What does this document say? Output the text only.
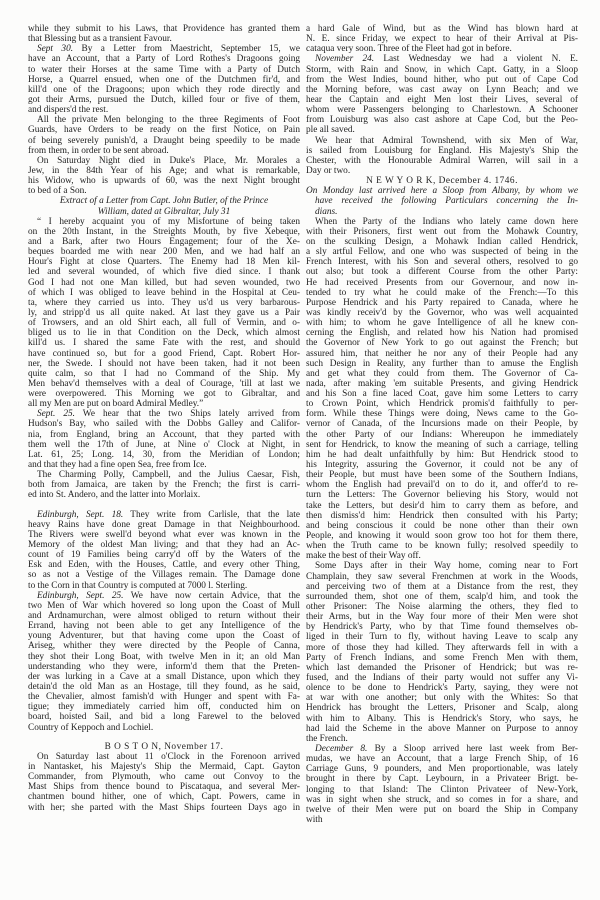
while they submit to his Laws, that Providence has granted them
that Blessing but as a transient Favour.
Sept 30. By a Letter from Maestricht, September 15, we
have an Account, that a Party of Lord Rothes's Dragoons going
to water their Horses at the same Time with a Party of Dutch
Horse, a Quarrel ensued, when one of the Dutchmen fir'd, and
kill'd one of the Dragoons; upon which they rode directly and
got their Arms, pursued the Dutch, killed four or five of them,
and dispers'd the rest.
All the private Men belonging to the three Regiments of Foot
Guards, have Orders to be ready on the first Notice, on Pain
of being severely punish'd, a Draught being speedily to be made
from them, in order to be sent abroad.
On Saturday Night died in Duke's Place, Mr. Morales a
Jew, in the 84th Year of his Age; and what is remarkable,
his Widow, who is upwards of 60, was the next Night brought
to bed of a Son.
Extract of a Letter from Capt. John Butler, of the Prince
William, dated at Gibraltar, July 31
“ I hereby acquaint you of my Misfortune of being taken
on the 20th Instant, in the Streights Mouth, by five Xebeque,
and a Bark, after two Hours Engagement; four of the Xe-
beques boarded me with near 200 Men, and we had half an
Hour's Fight at close Quarters. The Enemy had 18 Men kil-
led and several wounded, of which five died since. I thank
God I had not one Man killed, but had seven wounded, two
of which I was obliged to leave behind in the Hospital at Ceu-
ta, where they carried us into. They us'd us very barbarous-
ly, and stripp'd us all quite naked. At last they gave us a Pair
of Trowsers, and an old Shirt each, all full of Vermin, and o-
bliged us to lie in that Condition on the Deck, which almost
kill'd us. I shared the same Fate with the rest, and should
have continued so, but for a good Friend, Capt. Robert Hor-
ner, the Swede. I should not have been taken, had it not been
quite calm, so that I had no Command of the Ship. My
Men behav'd themselves with a deal of Courage, 'till at last we
were overpowered. This Morning we got to Gibraltar, and
all my Men are put on board Admiral Medley.”
Sept. 25. We hear that the two Ships lately arrived from
Hudson's Bay, who sailed with the Dobbs Galley and Califor-
nia, from England, bring an Account, that they parted with
them well the 17th of June, at Nine o' Clock at Night, in
Lat. 61, 25; Long. 14, 30, from the Meridian of London;
and that they had a fine open Sea, free from Ice.
The Charming Polly, Campbell, and the Julius Caesar, Fish,
both from Jamaica, are taken by the French; the first is carri-
ed into St. Andero, and the latter into Morlaix.
Edinburgh, Sept. 18. They write from Carlisle, that the late
heavy Rains have done great Damage in that Neighbourhood.
The Rivers were swell'd beyond what ever was known in the
Memory of the oldest Man living; and that they had an Ac-
count of 19 Families being carry'd off by the Waters of the
Esk and Eden, with the Houses, Cattle, and every other Thing,
so as not a Vestige of the Villages remain. The Damage done
to the Corn in that Country is computed at 7000 l. Sterling.
Edinburgh, Sept. 25. We have now certain Advice, that the
two Men of War which hovered so long upon the Coast of Mull
and Ardnamurchan, were almost obliged to return without their
Errand, having not been able to get any Intelligence of the
young Adventurer, but that having come upon the Coast of
Ariseg, whither they were directed by the People of Canna,
they shot their Long Boat, with twelve Men in it; an old Man
understanding who they were, inform'd them that the Preten-
der was lurking in a Cave at a small Distance, upon which they
detain'd the old Man as an Hostage, till they found, as he said,
the Chevalier, almost famish'd with Hunger and spent with Fa-
tigue; they immediately carried him off, conducted him on
board, hoisted Sail, and bid a long Farewel to the beloved
Country of Keppoch and Lochiel.
B O S T O N, November 17.
On Saturday last about 11 o'Clock in the Forenoon arrived
in Nantasket, his Majesty's Ship the Mermaid, Capt. Gayton
Commander, from Plymouth, who came out Convoy to the
Mast Ships from thence bound to Piscataqua, and several Mer-
chantmen bound hither, one of which, Capt. Powers, came in
with her; she parted with the Mast Ships fourteen Days ago in
a hard Gale of Wind, but as the Wind has blown hard at
N. E. since Friday, we expect to hear of their Arrival at Pis-
cataqua very soon. Three of the Fleet had got in before.
November 24. Last Wednesday we had a violent N. E.
Storm, with Rain and Snow, in which Capt. Gatty, in a Sloop
from the West Indies, bound hither, who put out of Cape Cod
the Morning before, was cast away on Lynn Beach; and we
hear the Captain and eight Men lost their Lives, several of
whom were Passengers belonging to Charlestown. A Schooner
from Louisburg was also cast ashore at Cape Cod, but the Peo-
ple all saved.
We hear that Admiral Townshend, with six Men of War,
is sailed from Louisburg for England. His Majesty's Ship the
Chester, with the Honourable Admiral Warren, will sail in a
Day or two.
N E W Y O R K, December 4. 1746.
On Monday last arrived here a Sloop from Albany, by whom we
have received the following Particulars concerning the In-
dians.
When the Party of the Indians who lately came down here
with their Prisoners, first went out from the Mohawk Country,
on the sculking Design, a Mohawk Indian called Hendrick,
a sly artful Fellow, and one who was suspected of being in the
French Interest, with his Son and several others, resolved to go
out also; but took a different Course from the other Party:
He had received Presents from our Governour, and now in-
tended to try what he could make of the French:—To this
Purpose Hendrick and his Party repaired to Canada, where he
was kindly receiv'd by the Governor, who was well acquainted
with him; to whom he gave Intelligence of all he knew con-
cerning the English, and related how his Nation had promised
the Governor of New York to go out against the French; but
assured him, that neither he nor any of their People had any
such Design in Reality, any further than to amuse the English
and get what they could from them. The Governor of Ca-
nada, after making 'em suitable Presents, and giving Hendrick
and his Son a fine laced Coat, gave him some Letters to carry
to Crown Point, which Hendrick promis'd faithfully to per-
form. While these Things were doing, News came to the Go-
vernor of Canada, of the Incursions made on their People, by
the other Party of our Indians: Whereupon he immediately
sent for Hendrick, to know the meaning of such a carriage, telling
him he had dealt unfaithfully by him: But Hendrick stood to
his Integrity, assuring the Governor, it could not be any of
their People, but must have been some of the Southern Indians,
whom the English had prevail'd on to do it, and offer'd to re-
turn the Letters: The Governor believing his Story, would not
take the Letters, but desir'd him to carry them as before, and
then dismiss'd him: Hendrick then consulted with his Party;
and being conscious it could be none other than their own
People, and knowing it would soon grow too hot for them there,
when the Truth came to be known fully; resolved speedily to
make the best of their Way off.
Some Days after in their Way home, coming near to Fort
Champlain, they saw several Frenchmen at work in the Woods,
and perceiving two of them at a Distance from the rest, they
surrounded them, shot one of them, scalp'd him, and took the
other Prisoner: The Noise alarming the others, they fled to
their Arms, but in the Way four more of their Men were shot
by Hendrick's Party, who by that Time found themselves ob-
liged in their Turn to fly, without having Leave to scalp any
more of those they had killed. They afterwards fell in with a
Party of French Indians, and some French Men with them,
which last demanded the Prisoner of Hendrick; but was re-
fused, and the Indians of their party would not suffer any Vi-
olence to be done to Hendrick's Party, saying, they were not
at war with one another; but only with the Whites: So that
Hendrick has brought the Letters, Prisoner and Scalp, along
with him to Albany. This is Hendrick's Story, who says, he
had laid the Scheme in the above Manner on Purpose to annoy
the French.
December 8. By a Sloop arrived here last week from Ber-
mudas, we have an Account, that a large French Ship, of 16
Carriage Guns, 9 pounders, and Men proportionable, was lately
brought in there by Capt. Leybourn, in a Privateer Brigt. be-
longing to that Island: The Clinton Privateer of New-York,
was in sight when she struck, and so comes in for a share, and
twelve of their Men were put on board the Ship in Company
with
